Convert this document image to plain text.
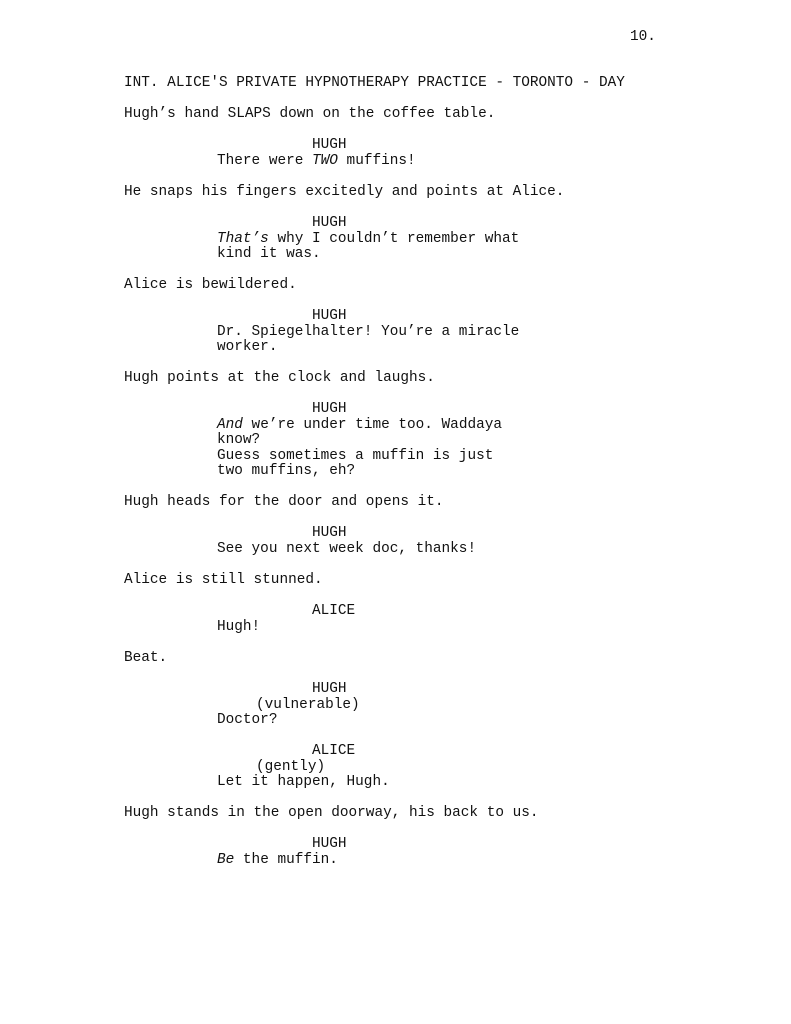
10.
INT. ALICE'S PRIVATE HYPNOTHERAPY PRACTICE - TORONTO - DAY
Hugh’s hand SLAPS down on the coffee table.
HUGH
There were TWO muffins!
He snaps his fingers excitedly and points at Alice.
HUGH
That’s why I couldn’t remember what
kind it was.
Alice is bewildered.
HUGH
Dr. Spiegelhalter! You’re a miracle
worker.
Hugh points at the clock and laughs.
HUGH
And we’re under time too. Waddaya
know?
Guess sometimes a muffin is just
two muffins, eh?
Hugh heads for the door and opens it.
HUGH
See you next week doc, thanks!
Alice is still stunned.
ALICE
Hugh!
Beat.
HUGH
(vulnerable)
Doctor?
ALICE
(gently)
Let it happen, Hugh.
Hugh stands in the open doorway, his back to us.
HUGH
Be the muffin.
